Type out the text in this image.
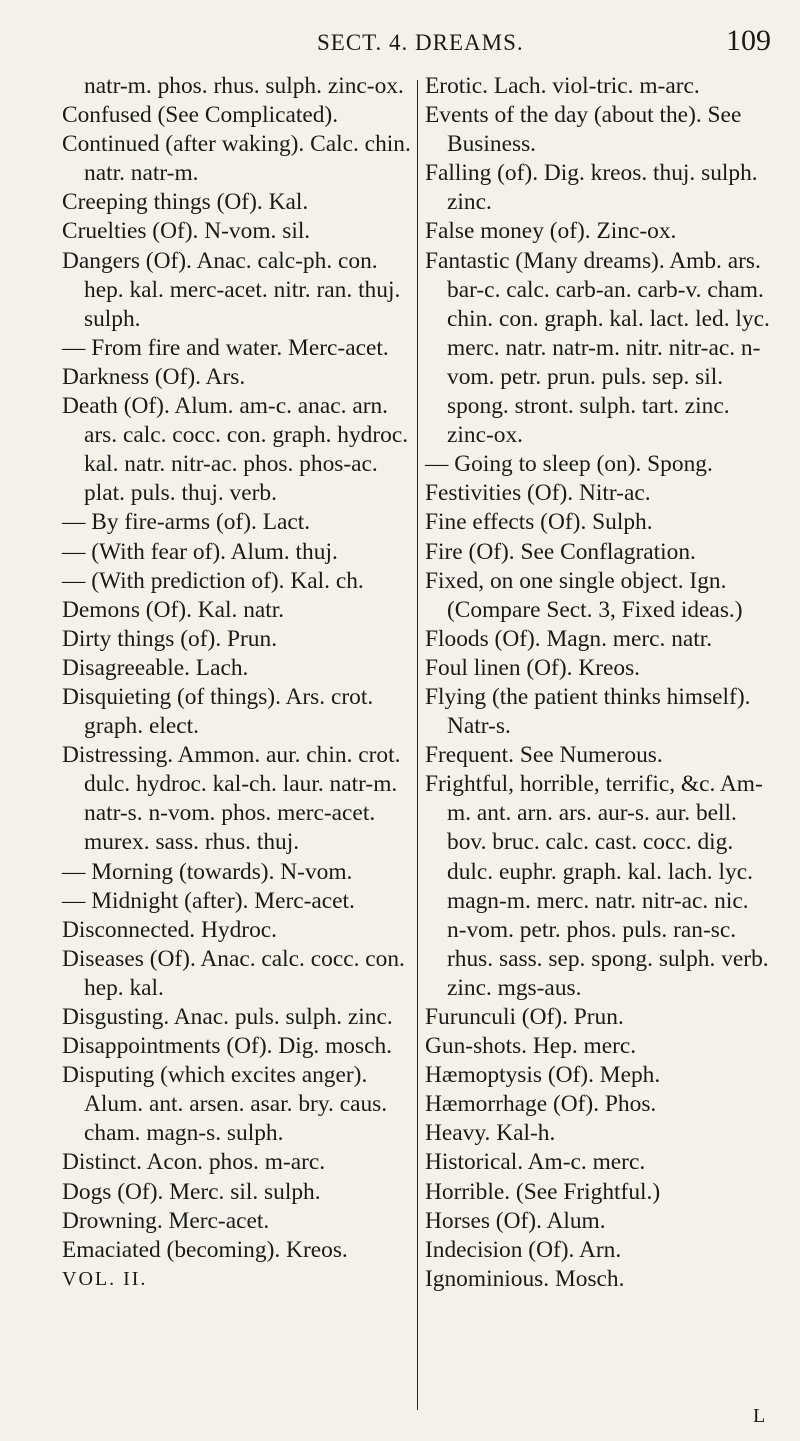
SECT. 4. DREAMS.	109

natr-m. phos. rhus. sulph. zinc-ox.

Confused (See Complicated).

Continued (after waking). Calc. chin. natr. natr-m.

Creeping things (Of). Kal.

Cruelties (Of). N-vom. sil.

Dangers (Of). Anac. calc-ph. con. hep. kal. merc-acet. nitr. ran. thuj. sulph.

— From fire and water. Merc-acet.

Darkness (Of). Ars.

Death (Of). Alum. am-c. anac. arn. ars. calc. cocc. con. graph. hydroc. kal. natr. nitr-ac. phos. phos-ac. plat. puls. thuj. verb.

— By fire-arms (of). Lact.

— (With fear of). Alum. thuj.

— (With prediction of). Kal. ch.

Demons (Of). Kal. natr.

Dirty things (of). Prun.

Disagreeable. Lach.

Disquieting (of things). Ars. crot. graph. elect.

Distressing. Ammon. aur. chin. crot. dulc. hydroc. kal-ch. laur. natr-m. natr-s. n-vom. phos. merc-acet. murex. sass. rhus. thuj.

— Morning (towards). N-vom.

— Midnight (after). Merc-acet.

Disconnected. Hydroc.

Diseases (Of). Anac. calc. cocc. con. hep. kal.

Disgusting. Anac. puls. sulph. zinc.

Disappointments (Of). Dig. mosch.

Disputing (which excites anger). Alum. ant. arsen. asar. bry. caus. cham. magn-s. sulph.

Distinct. Acon. phos. m-arc.

Dogs (Of). Merc. sil. sulph.

Drowning. Merc-acet.

Emaciated (becoming). Kreos.

VOL. II.

Erotic. Lach. viol-tric. m-arc.

Events of the day (about the). See Business.

Falling (of). Dig. kreos. thuj. sulph. zinc.

False money (of). Zinc-ox.

Fantastic (Many dreams). Amb. ars. bar-c. calc. carb-an. carb-v. cham. chin. con. graph. kal. lact. led. lyc. merc. natr. natr-m. nitr. nitr-ac. n-vom. petr. prun. puls. sep. sil. spong. stront. sulph. tart. zinc. zinc-ox.

— Going to sleep (on). Spong.

Festivities (Of). Nitr-ac.

Fine effects (Of). Sulph.

Fire (Of). See Conflagration.

Fixed, on one single object. Ign. (Compare Sect. 3, Fixed ideas.)

Floods (Of). Magn. merc. natr.

Foul linen (Of). Kreos.

Flying (the patient thinks himself). Natr-s.

Frequent. See Numerous.

Frightful, horrible, terrific, &c. Am-m. ant. arn. ars. aur-s. aur. bell. bov. bruc. calc. cast. cocc. dig. dulc. euphr. graph. kal. lach. lyc. magn-m. merc. natr. nitr-ac. nic. n-vom. petr. phos. puls. ran-sc. rhus. sass. sep. spong. sulph. verb. zinc. mgs-aus.

Furunculi (Of). Prun.

Gun-shots. Hep. merc.

Hæmoptysis (Of). Meph.

Hæmorrhage (Of). Phos.

Heavy. Kal-h.

Historical. Am-c. merc.

Horrible. (See Frightful.)

Horses (Of). Alum.

Indecision (Of). Arn.

Ignominious. Mosch.

L
